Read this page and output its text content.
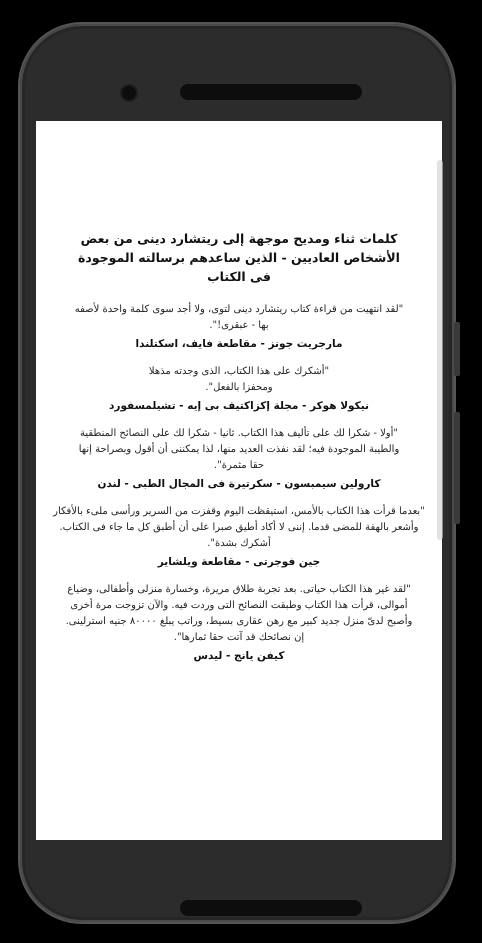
كلمات ثناء ومديح موجهة إلى ريتشارد دينى من بعض الأشخاص العاديين - الذين ساعدهم برسالته الموجودة فى الكتاب
"لقد انتهيت من قراءة كتاب ريتشارد دينى لتوى، ولا أجد سوى كلمة واحدة لأصفه بها - عبقرى!".
مارجريت جونز - مقاطعة فايف، اسكتلندا
"أشكرك على هذا الكتاب، الذى وجدته مذهلا ومحفزا بالفعل".
نيكولا هوكر - مجلة إكزاكتيف بى إيه - تشيلمسفورد
"أولا - شكرا لك على تأليف هذا الكتاب. ثانيا - شكرا لك على النصائح المنطقية والطيبة الموجودة فيه؛ لقد نفذت العديد منها، لذا يمكننى أن أقول وبصراحة إنها حقا مثمرة".
كارولين سيمبسون - سكرتيرة فى المجال الطبى - لندن
"بعدما قرأت هذا الكتاب بالأمس، استيقظت اليوم وقفزت من السرير ورأسى ملىء بالأفكار وأشعر بالهفة للمضى قدما. إننى لا أكاد أطيق صبرا على أن أطبق كل ما جاء فى الكتاب. أشكرك بشدة".
جين فوجرتى - مقاطعة ويلشاير
"لقد غير هذا الكتاب حياتى. بعد تجربة طلاق مريرة، وخسارة منزلى وأطفالى، وضياع أموالى، قرأت هذا الكتاب وطبقت النصائح التى وردت فيه. والآن تزوجت مرة أخرى وأصبح لدىّ منزل جديد كبير مع رهن عقارى بسيط، وراتب يبلغ ٨٠٠٠٠ جنيه استرلينى. إن نصائحك قد آتت حقا ثمارها".
كيفن يانج - ليدس
